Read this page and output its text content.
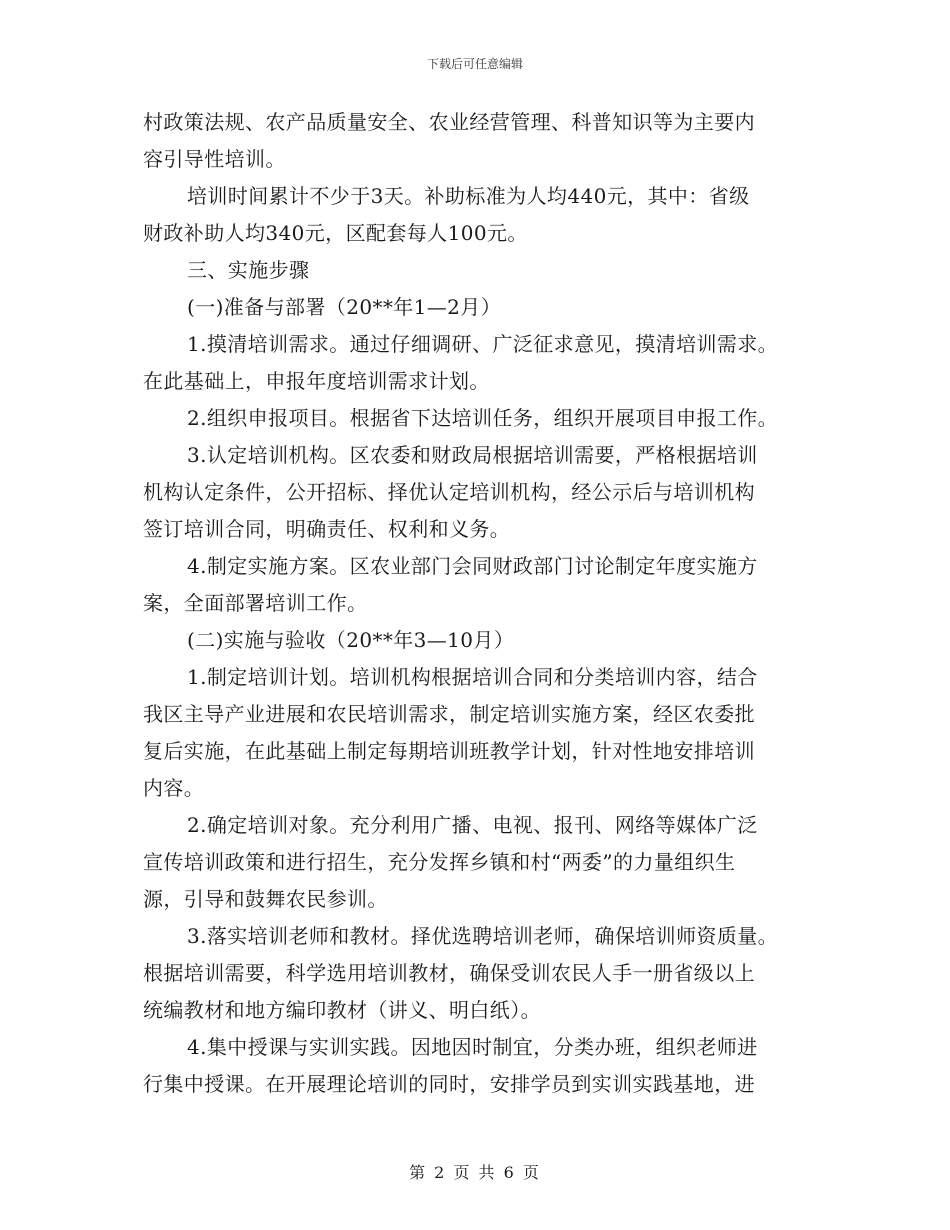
下载后可任意编辑
村政策法规、农产品质量安全、农业经营管理、科普知识等为主要内
容引导性培训。
培训时间累计不少于3天。补助标准为人均440元，其中：省级
财政补助人均340元，区配套每人100元。
三、实施步骤
(一)准备与部署（20**年1—2月）
1.摸清培训需求。通过仔细调研、广泛征求意见，摸清培训需求。
在此基础上，申报年度培训需求计划。
2.组织申报项目。根据省下达培训任务，组织开展项目申报工作。
3.认定培训机构。区农委和财政局根据培训需要，严格根据培训
机构认定条件，公开招标、择优认定培训机构，经公示后与培训机构
签订培训合同，明确责任、权利和义务。
4.制定实施方案。区农业部门会同财政部门讨论制定年度实施方
案，全面部署培训工作。
(二)实施与验收（20**年3—10月）
1.制定培训计划。培训机构根据培训合同和分类培训内容，结合
我区主导产业进展和农民培训需求，制定培训实施方案，经区农委批
复后实施，在此基础上制定每期培训班教学计划，针对性地安排培训
内容。
2.确定培训对象。充分利用广播、电视、报刊、网络等媒体广泛
宣传培训政策和进行招生，充分发挥乡镇和村“两委”的力量组织生
源，引导和鼓舞农民参训。
3.落实培训老师和教材。择优选聘培训老师，确保培训师资质量。
根据培训需要，科学选用培训教材，确保受训农民人手一册省级以上
统编教材和地方编印教材（讲义、明白纸）。
4.集中授课与实训实践。因地因时制宜，分类办班，组织老师进
行集中授课。在开展理论培训的同时，安排学员到实训实践基地，进
第 2 页 共 6 页
